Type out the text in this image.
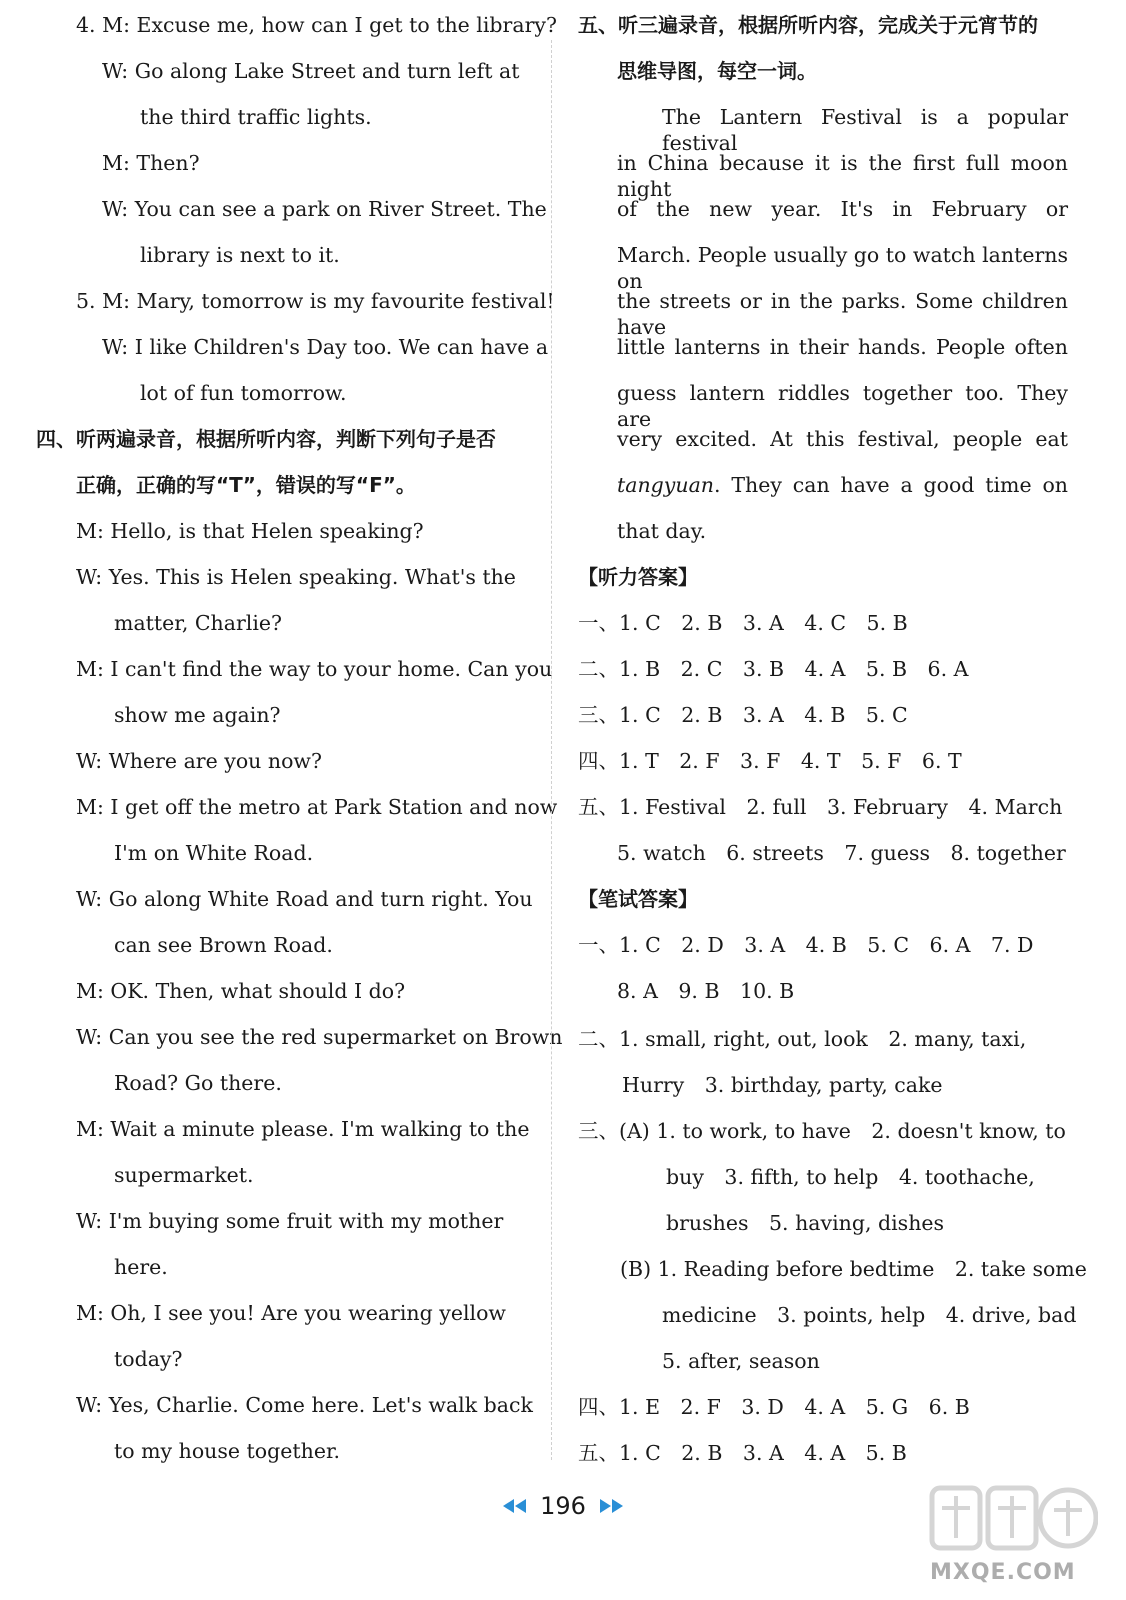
4. M: Excuse me, how can I get to the library?
W: Go along Lake Street and turn left at
the third traffic lights.
M: Then?
W: You can see a park on River Street. The
library is next to it.
5. M: Mary, tomorrow is my favourite festival!
W: I like Children's Day too. We can have a
lot of fun tomorrow.
四、听两遍录音，根据所听内容，判断下列句子是否
正确，正确的写“T”，错误的写“F”。
M: Hello, is that Helen speaking?
W: Yes. This is Helen speaking. What's the
matter, Charlie?
M: I can't find the way to your home. Can you
show me again?
W: Where are you now?
M: I get off the metro at Park Station and now
I'm on White Road.
W: Go along White Road and turn right. You
can see Brown Road.
M: OK. Then, what should I do?
W: Can you see the red supermarket on Brown
Road? Go there.
M: Wait a minute please. I'm walking to the
supermarket.
W: I'm buying some fruit with my mother
here.
M: Oh, I see you! Are you wearing yellow
today?
W: Yes, Charlie. Come here. Let's walk back
to my house together.
五、听三遍录音，根据所听内容，完成关于元宵节的
思维导图，每空一词。
The Lantern Festival is a popular festival
in China because it is the first full moon night
of the new year. It's in February or
March. People usually go to watch lanterns on
the streets or in the parks. Some children have
little lanterns in their hands. People often
guess lantern riddles together too. They are
very excited. At this festival, people eat
tangyuan . They can have a good time on
that day.
【听力答案】
一、1. C　2. B　3. A　4. C　5. B
二、1. B　2. C　3. B　4. A　5. B　6. A
三、1. C　2. B　3. A　4. B　5. C
四、1. T　2. F　3. F　4. T　5. F　6. T
五、1. Festival　2. full　3. February　4. March
5. watch　6. streets　7. guess　8. together
【笔试答案】
一、1. C　2. D　3. A　4. B　5. C　6. A　7. D
8. A　9. B　10. B
二、1. small, right, out, look　2. many, taxi,
Hurry　3. birthday, party, cake
三、(A) 1. to work, to have　2. doesn't know, to
buy　3. fifth, to help　4. toothache,
brushes　5. having, dishes
(B) 1. Reading before bedtime　2. take some
medicine　3. points, help　4. drive, bad
5. after, season
四、1. E　2. F　3. D　4. A　5. G　6. B
五、1. C　2. B　3. A　4. A　5. B
196
MXQE.COM
